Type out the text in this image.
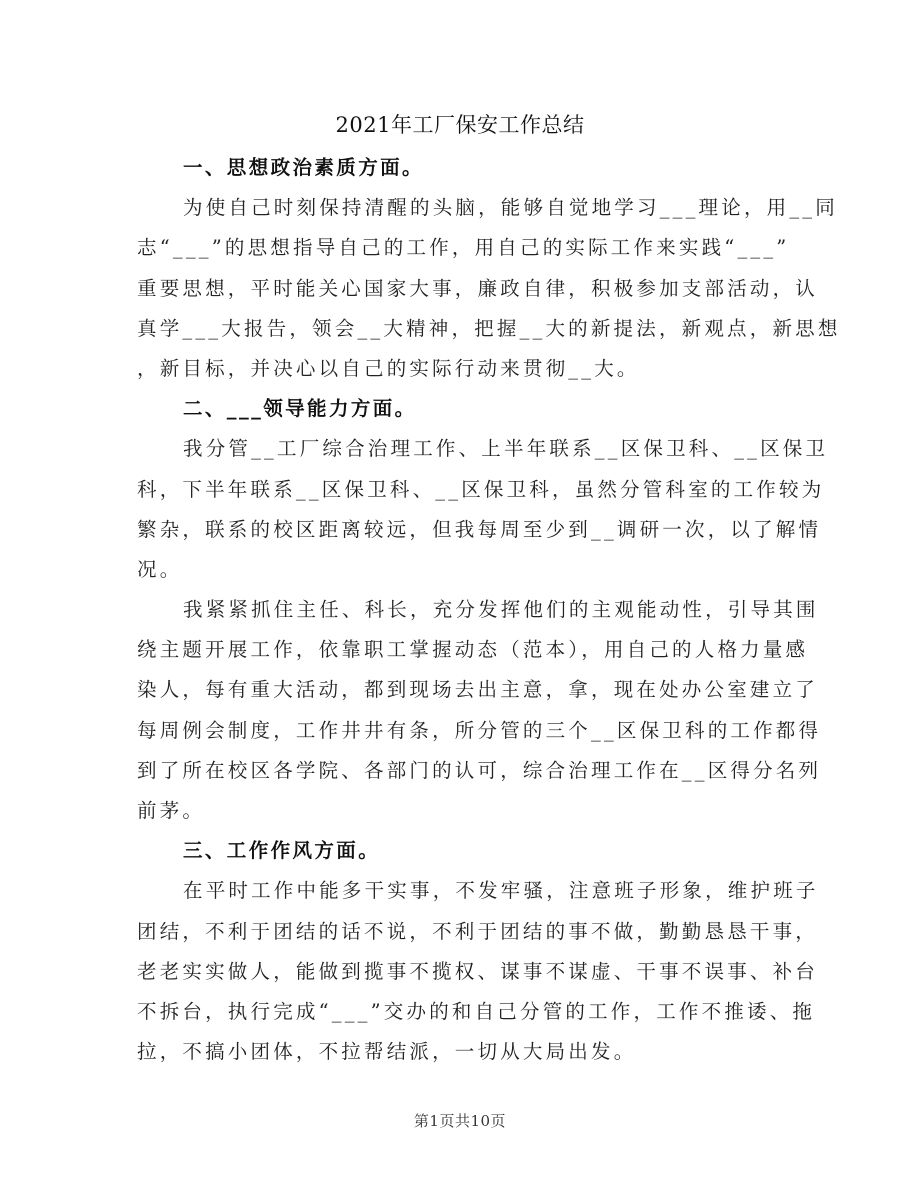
2021年工厂保安工作总结
一、思想政治素质方面。
为使自己时刻保持清醒的头脑，能够自觉地学习___理论，用__同
志“___”的思想指导自己的工作，用自己的实际工作来实践“___”
重要思想，平时能关心国家大事，廉政自律，积极参加支部活动，认
真学___大报告，领会__大精神，把握__大的新提法，新观点，新思想
，新目标，并决心以自己的实际行动来贯彻__大。
二、___领导能力方面。
我分管__工厂综合治理工作、上半年联系__区保卫科、__区保卫
科，下半年联系__区保卫科、__区保卫科，虽然分管科室的工作较为
繁杂，联系的校区距离较远，但我每周至少到__调研一次，以了解情
况。
我紧紧抓住主任、科长，充分发挥他们的主观能动性，引导其围
绕主题开展工作，依靠职工掌握动态（范本），用自己的人格力量感
染人，每有重大活动，都到现场去出主意，拿，现在处办公室建立了
每周例会制度，工作井井有条，所分管的三个__区保卫科的工作都得
到了所在校区各学院、各部门的认可，综合治理工作在__区得分名列
前茅。
三、工作作风方面。
在平时工作中能多干实事，不发牢骚，注意班子形象，维护班子
团结，不利于团结的话不说，不利于团结的事不做，勤勤恳恳干事，
老老实实做人，能做到揽事不揽权、谋事不谋虚、干事不误事、补台
不拆台，执行完成“___”交办的和自己分管的工作，工作不推诿、拖
拉，不搞小团体，不拉帮结派，一切从大局出发。
第1页共10页
